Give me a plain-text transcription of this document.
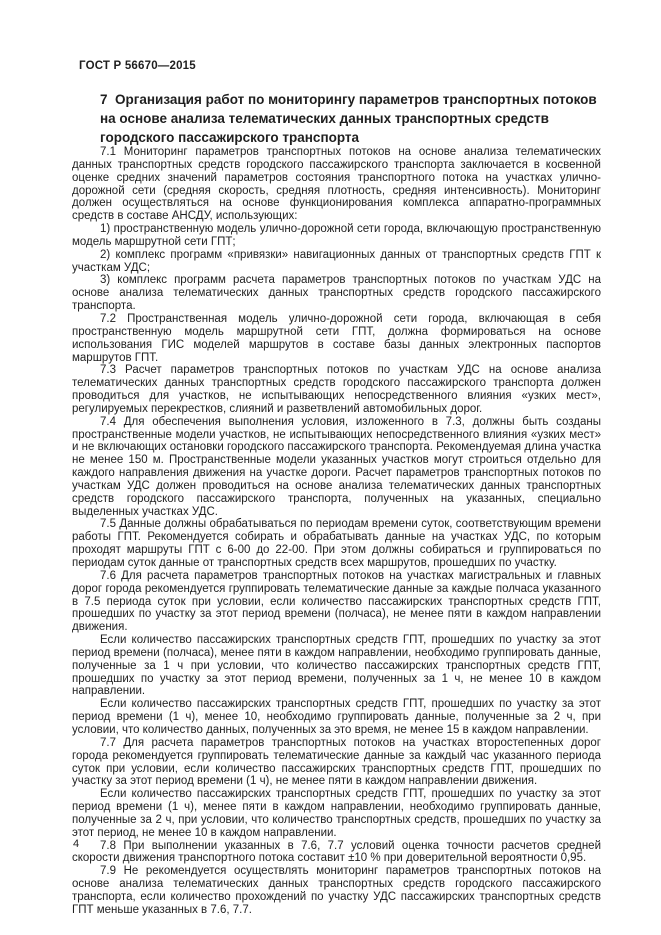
ГОСТ Р 56670—2015
7  Организация работ по мониторингу параметров транспортных потоков
на основе анализа телематических данных транспортных средств
городского пассажирского транспорта

7.1 Мониторинг параметров транспортных потоков на основе анализа телематических данных транспортных средств городского пассажирского транспорта заключается в косвенной оценке средних значений параметров состояния транспортного потока на участках улично-дорожной сети (средняя скорость, средняя плотность, средняя интенсивность). Мониторинг должен осуществляться на основе функционирования комплекса аппаратно-программных средств в составе АНСДУ, использующих:

1) пространственную модель улично-дорожной сети города, включающую пространственную модель маршрутной сети ГПТ;

2) комплекс программ «привязки» навигационных данных от транспортных средств ГПТ к участкам УДС;

3) комплекс программ расчета параметров транспортных потоков по участкам УДС на основе анализа телематических данных транспортных средств городского пассажирского транспорта.

7.2 Пространственная модель улично-дорожной сети города, включающая в себя пространственную модель маршрутной сети ГПТ, должна формироваться на основе использования ГИС моделей маршрутов в составе базы данных электронных паспортов маршрутов ГПТ.

7.3 Расчет параметров транспортных потоков по участкам УДС на основе анализа телематических данных транспортных средств городского пассажирского транспорта должен проводиться для участков, не испытывающих непосредственного влияния «узких мест», регулируемых перекрестков, слияний и разветвлений автомобильных дорог.

7.4 Для обеспечения выполнения условия, изложенного в 7.3, должны быть созданы пространственные модели участков, не испытывающих непосредственного влияния «узких мест» и не включающих остановки городского пассажирского транспорта. Рекомендуемая длина участка не менее 150 м. Пространственные модели указанных участков могут строиться отдельно для каждого направления движения на участке дороги. Расчет параметров транспортных потоков по участкам УДС должен проводиться на основе анализа телематических данных транспортных средств городского пассажирского транспорта, полученных на указанных, специально выделенных участках УДС.

7.5 Данные должны обрабатываться по периодам времени суток, соответствующим времени работы ГПТ. Рекомендуется собирать и обрабатывать данные на участках УДС, по которым проходят маршруты ГПТ с 6-00 до 22-00. При этом должны собираться и группироваться по периодам суток данные от транспортных средств всех маршрутов, прошедших по участку.

7.6 Для расчета параметров транспортных потоков на участках магистральных и главных дорог города рекомендуется группировать телематические данные за каждые полчаса указанного в 7.5 периода суток при условии, если количество пассажирских транспортных средств ГПТ, прошедших по участку за этот период времени (полчаса), не менее пяти в каждом направлении движения.

Если количество пассажирских транспортных средств ГПТ, прошедших по участку за этот период времени (полчаса), менее пяти в каждом направлении, необходимо группировать данные, полученные за 1 ч при условии, что количество пассажирских транспортных средств ГПТ, прошедших по участку за этот период времени, полученных за 1 ч, не менее 10 в каждом направлении.

Если количество пассажирских транспортных средств ГПТ, прошедших по участку за этот период времени (1 ч), менее 10, необходимо группировать данные, полученные за 2 ч, при условии, что количество данных, полученных за это время, не менее 15 в каждом направлении.

7.7 Для расчета параметров транспортных потоков на участках второстепенных дорог города рекомендуется группировать телематические данные за каждый час указанного периода суток при условии, если количество пассажирских транспортных средств ГПТ, прошедших по участку за этот период времени (1 ч), не менее пяти в каждом направлении движения.

Если количество пассажирских транспортных средств ГПТ, прошедших по участку за этот период времени (1 ч), менее пяти в каждом направлении, необходимо группировать данные, полученные за 2 ч, при условии, что количество транспортных средств, прошедших по участку за этот период, не менее 10 в каждом направлении.

7.8 При выполнении указанных в 7.6, 7.7 условий оценка точности расчетов средней скорости движения транспортного потока составит ±10 % при доверительной вероятности 0,95.

7.9 Не рекомендуется осуществлять мониторинг параметров транспортных потоков на основе анализа телематических данных транспортных средств городского пассажирского транспорта, если количество прохождений по участку УДС пассажирских транспортных средств ГПТ меньше указанных в 7.6, 7.7.

4
